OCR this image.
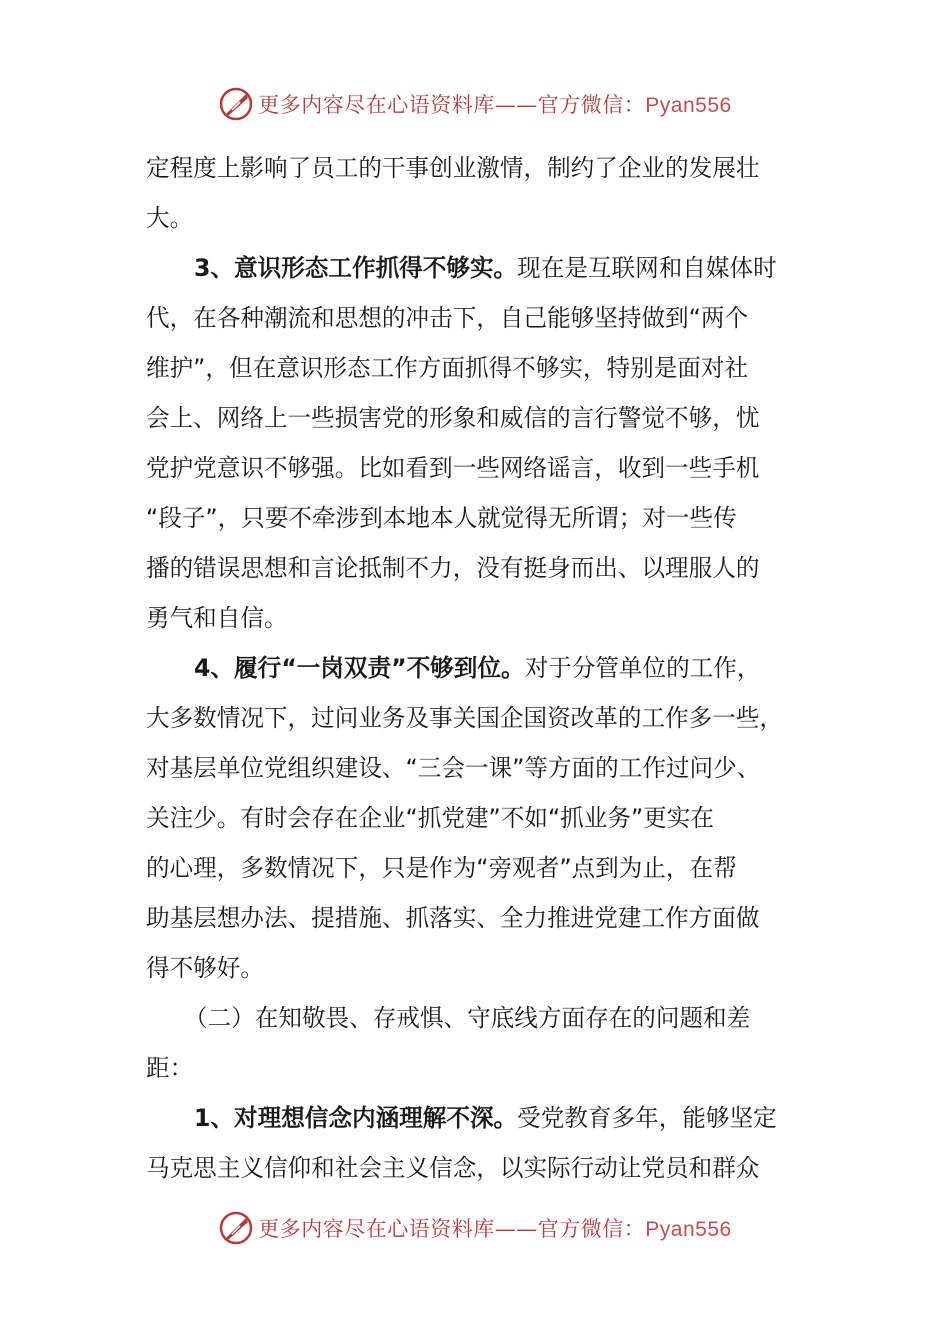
更多内容尽在心语资料库——官方微信：Pyan556
定程度上影响了员工的干事创业激情，制约了企业的发展壮
大。
3、意识形态工作抓得不够实。现在是互联网和自媒体时
代，在各种潮流和思想的冲击下，自己能够坚持做到“两个
维护”，但在意识形态工作方面抓得不够实，特别是面对社
会上、网络上一些损害党的形象和威信的言行警觉不够，忧
党护党意识不够强。比如看到一些网络谣言，收到一些手机
“段子”，只要不牵涉到本地本人就觉得无所谓；对一些传
播的错误思想和言论抵制不力，没有挺身而出、以理服人的
勇气和自信。
4、履行“一岗双责”不够到位。对于分管单位的工作，
大多数情况下，过问业务及事关国企国资改革的工作多一些，
对基层单位党组织建设、“三会一课”等方面的工作过问少、
关注少。有时会存在企业“抓党建”不如“抓业务”更实在
的心理，多数情况下，只是作为“旁观者”点到为止，在帮
助基层想办法、提措施、抓落实、全力推进党建工作方面做
得不够好。
（二）在知敬畏、存戒惧、守底线方面存在的问题和差
距：
1、对理想信念内涵理解不深。受党教育多年，能够坚定
马克思主义信仰和社会主义信念，以实际行动让党员和群众
更多内容尽在心语资料库——官方微信：Pyan556
